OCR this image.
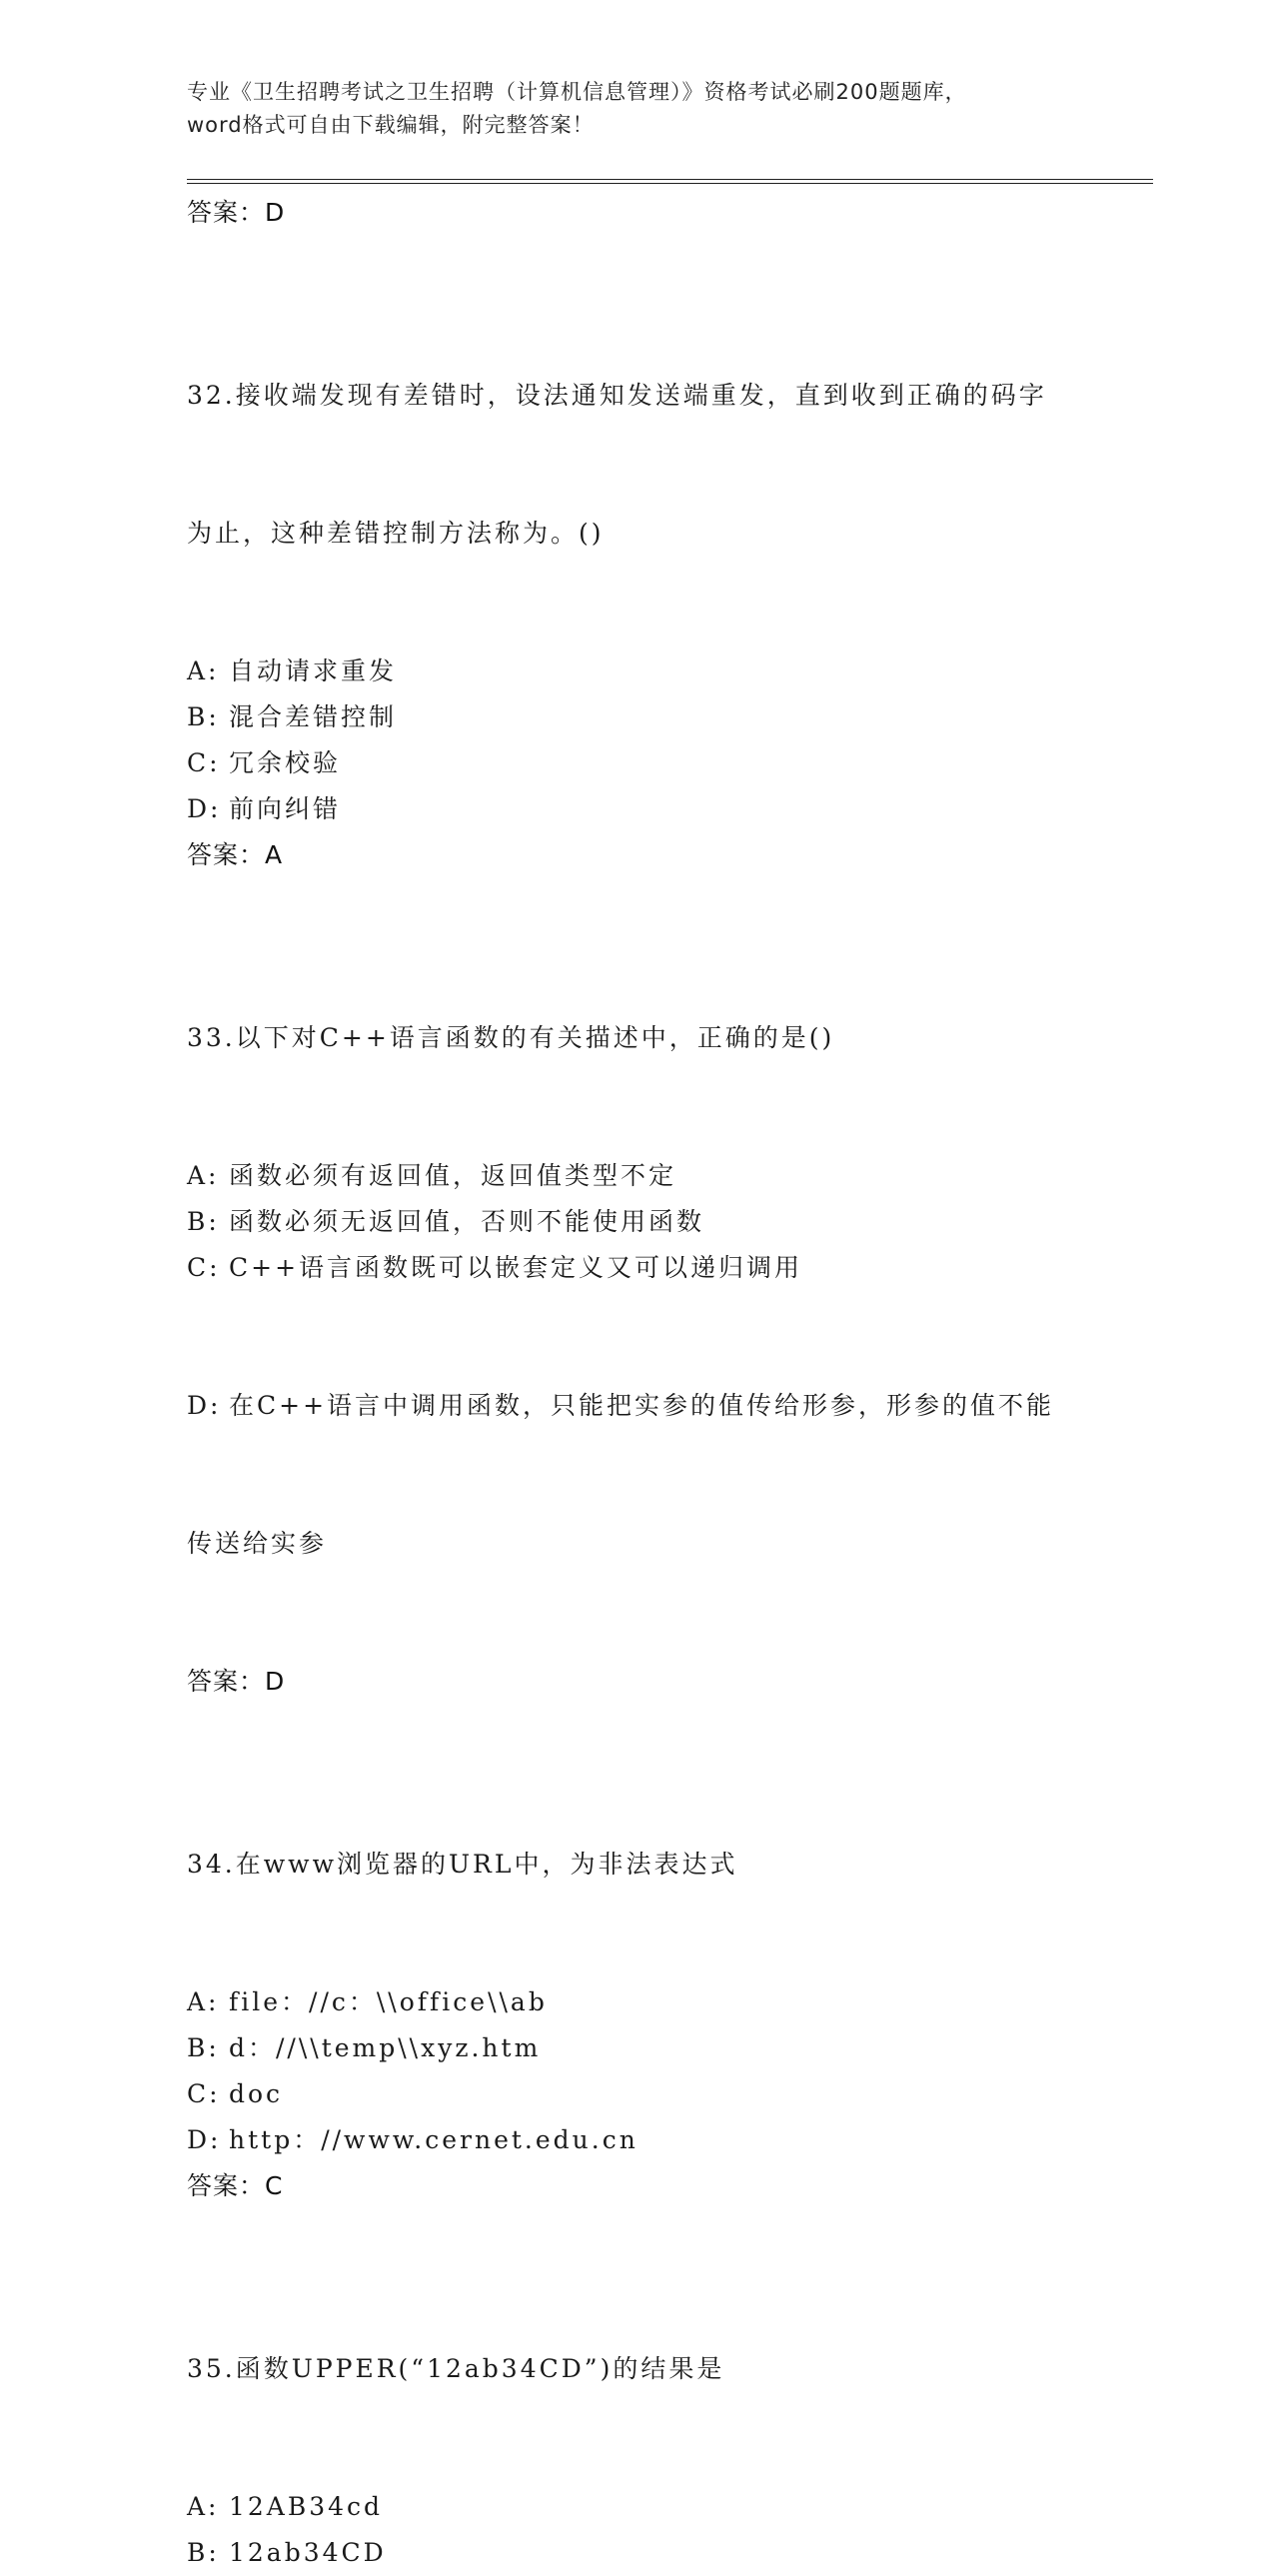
专业《卫生招聘考试之卫生招聘（计算机信息管理）》资格考试必刷200题题库，
word格式可自由下载编辑，附完整答案！
答案：D

32.接收端发现有差错时，设法通知发送端重发，直到收到正确的码字

为止，这种差错控制方法称为。()

A: 自动请求重发
B: 混合差错控制
C: 冗余校验
D: 前向纠错
答案：A

33.以下对C++语言函数的有关描述中，正确的是()

A: 函数必须有返回值，返回值类型不定
B: 函数必须无返回值，否则不能使用函数
C: C++语言函数既可以嵌套定义又可以递归调用

D: 在C++语言中调用函数，只能把实参的值传给形参，形参的值不能

传送给实参

答案：D

34.在www浏览器的URL中，为非法表达式

A: file：//c：\\office\\ab
B: d：//\\temp\\xyz.htm
C: doc
D: http：//www.cernet.edu.cn
答案：C

35.函数UPPER(“12ab34CD”)的结果是

A: 12AB34cd
B: 12ab34CD
